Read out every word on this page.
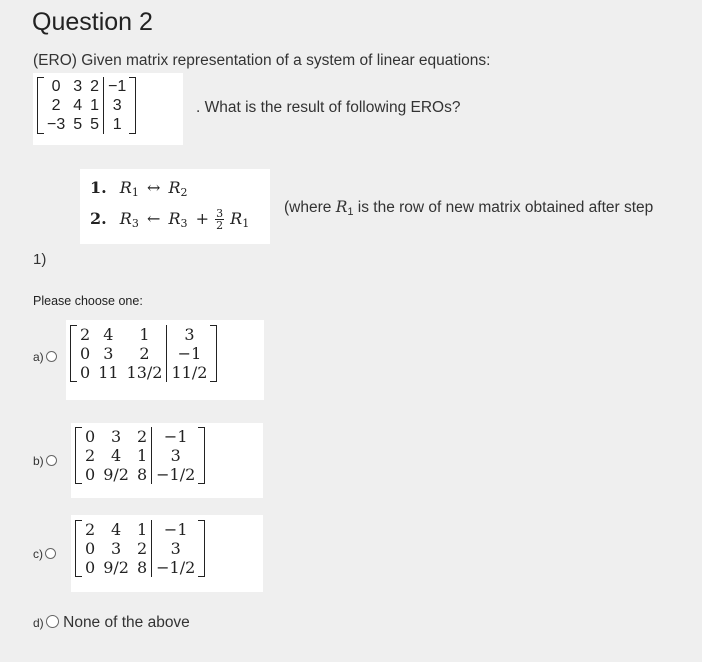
Question 2
(ERO) Given matrix representation of a system of linear equations:
0	3	2	−1
2	4	1	3
−3	5	5	1
. What is the result of following EROs?
1. $R_1$ ↔ $R_2$
2. $R_3$ ← $R_3 + \frac{3}{2} R_1$
(where $R_1$ is the row of new matrix obtained after step
1)
Please choose one:
a)
2	4	1	3
0	3	2	−1
0	11	13/2	11/2
b)
0	3	2	−1
2	4	1	3
0	9/2	8	−1/2
c)
2	4	1	−1
0	3	2	3
0	9/2	8	−1/2
d) None of the above
